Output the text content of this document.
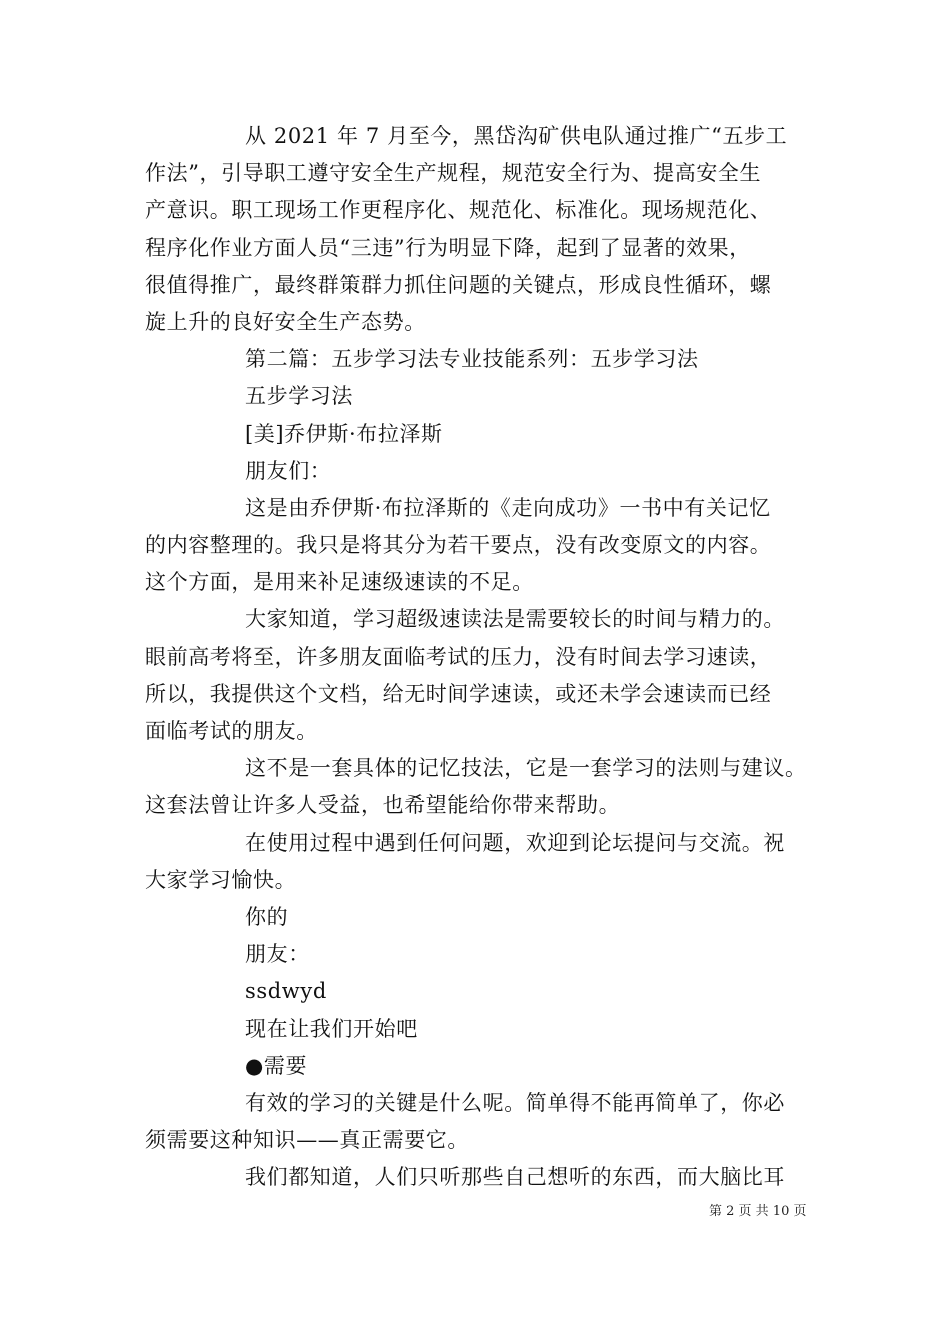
从 2021 年 7 月至今，黑岱沟矿供电队通过推广“五步工
作法”，引导职工遵守安全生产规程，规范安全行为、提高安全生
产意识。职工现场工作更程序化、规范化、标准化。现场规范化、
程序化作业方面人员“三违”行为明显下降，起到了显著的效果，
很值得推广，最终群策群力抓住问题的关键点，形成良性循环，螺
旋上升的良好安全生产态势。
第二篇：五步学习法专业技能系列：五步学习法
五步学习法
[美]乔伊斯·布拉泽斯
朋友们：
这是由乔伊斯·布拉泽斯的《走向成功》一书中有关记忆
的内容整理的。我只是将其分为若干要点，没有改变原文的内容。
这个方面，是用来补足速级速读的不足。
大家知道，学习超级速读法是需要较长的时间与精力的。
眼前高考将至，许多朋友面临考试的压力，没有时间去学习速读，
所以，我提供这个文档，给无时间学速读，或还未学会速读而已经
面临考试的朋友。
这不是一套具体的记忆技法，它是一套学习的法则与建议。
这套法曾让许多人受益，也希望能给你带来帮助。
在使用过程中遇到任何问题，欢迎到论坛提问与交流。祝
大家学习愉快。
你的
朋友：
ssdwyd
现在让我们开始吧
●需要
有效的学习的关键是什么呢。简单得不能再简单了，你必
须需要这种知识——真正需要它。
我们都知道，人们只听那些自己想听的东西，而大脑比耳
第 2 页 共 10 页
